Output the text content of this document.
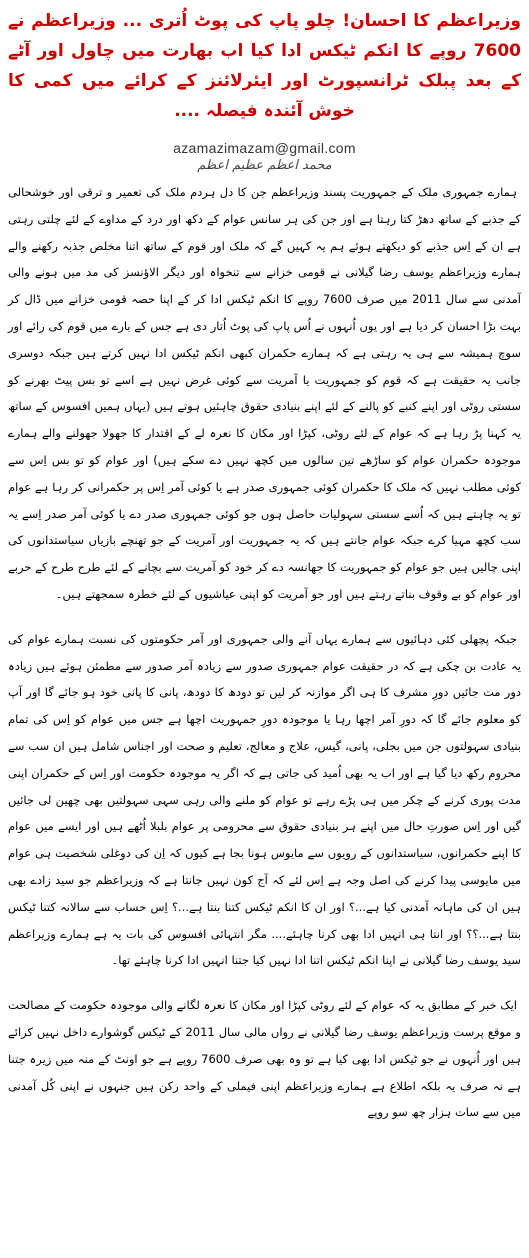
وزیراعظم کا احسان! چلو پاپ کی پوٹ اُتری ... وزیراعظم نے 7600 روپے کا انکم ٹیکس ادا کیا اب بھارت میں چاول اور آٹے کے بعد پبلک ٹرانسپورٹ اور ایئرلائنز کے کرائے میں کمی کا خوش آئندہ فیصلہ ....
azamazimazam@gmail.com
محمد اعظم عظیم اعظم

ہمارے جمہوری ملک کے جمہوریت پسند وزیراعظم جن کا دل ہردم ملک کی تعمیر و ترقی اور خوشحالی کے جذبے کے ساتھ دھڑ کتا رہتا ہے اور جن کی ہر سانس عوام کے دکھ اور درد کے مداوے کے لئے چلتی رہتی ہے ان کے اِس جذبے کو دیکھتے ہوئے ہم یہ کہیں گے کہ ملک اور قوم کے ساتھ اتنا مخلص جذبہ رکھنے والے ہمارے وزیراعظم یوسف رضا گیلانی نے قومی خزانے سے تنخواہ اور دیگر الاؤنسز کی مد میں ہونے والی آمدنی سے سال 2011 میں صرف 7600 روپے کا انکم ٹیکس ادا کر کے اپنا حصہ قومی خزانے میں ڈال کر بہت بڑا احسان کر دیا ہے اور یوں اُنہوں نے اُس پاپ کی پوٹ اُتار دی ہے جس کے بارے میں قوم کی رائے اور سوچ ہمیشہ سے ہی یہ رہتی ہے کہ ہمارے حکمران کبھی انکم ٹیکس ادا نہیں کرتے ہیں جبکہ دوسری جانب یہ حقیقت ہے کہ قوم کو جمہوریت یا آمریت سے کوئی غرض نہیں ہے اسے تو بس پیٹ بھرنے کو سستی روٹی اور اپنے کنبے کو پالنے کے لئے اپنے بنیادی حقوق چاہئیں ہوتے ہیں (یہاں ہمیں افسوس کے ساتھ یہ کہنا پڑ رہا ہے کہ عوام کے لئے روٹی، کپڑا اور مکان کا نعرہ لے کے اقتدار کا جھولا جھولنے والے ہمارے موجودہ حکمران عوام کو ساڑھے تین سالوں میں کچھ نہیں دے سکے ہیں) اور عوام کو تو بس اِس سے کوئی مطلب نہیں کہ ملک کا حکمران کوئی جمہوری صدر ہے یا کوئی آمر اِس پر حکمرانی کر رہا ہے عوام تو یہ چاہتے ہیں کہ اُسے سستی سہولیات حاصل ہوں جو کوئی جمہوری صدر دے یا کوئی آمر صدر اِسے یہ سب کچھ مہیا کرے جبکہ عوام جانتے ہیں کہ یہ جمہوریت اور آمریت کے جو تھنچے بازیاں سیاستدانوں کی اپنی چالیں ہیں جو عوام کو جمہوریت کا جھانسہ دے کر خود کو آمریت سے بچانے کے لئے طرح طرح کے حربے اور عوام کو بے وقوف بناتے رہتے ہیں اور جو آمریت کو اپنی عیاشیوں کے لئے خطرہ سمجھتے ہیں۔

جبکہ پچھلی کئی دہائیوں سے ہمارے یہاں آنے والی جمہوری اور آمر حکومتوں کی نسبت ہمارے عوام کی یہ عادت بن چکی ہے کہ در حقیقت عوام جمہوری صدور سے زیادہ آمر صدور سے مطمئن ہوئے ہیں زیادہ دور مت جائیں دورِ مشرف کا ہی اگر موازنہ کر لیں تو دودھ کا دودھ، پانی کا پانی خود ہو جائے گا اور آپ کو معلوم جائے گا کہ دورِ آمر اچھا رہا یا موجودہ دورِ جمہوریت اچھا ہے جس میں عوام کو اِس کی تمام بنیادی سہولتوں جن میں بجلی، پانی، گیس، علاج و معالج، تعلیم و صحت اور اجناس شامل ہیں ان سب سے محروم رکھ دیا گیا ہے اور اب یہ بھی اُمید کی جاتی ہے کہ اگر یہ موجودہ حکومت اور اِس کے حکمران اپنی مدت پوری کرنے کے چکر میں ہی پڑے رہے تو عوام کو ملنے والی رہی سہی سہولتیں بھی چھین لی جائیں گیں اور اِس صورتِ حال میں اپنے ہر بنیادی حقوق سے محرومی پر عوام بلبلا اُٹھے ہیں اور ایسے میں عوام کا اپنے حکمرانوں، سیاستدانوں کے رویوں سے مایوس ہونا بجا ہے کیوں کہ اِن کی دوغلی شخصیت ہی عوام میں مایوسی پیدا کرنے کی اصل وجہ ہے اِس لئے کہ آج کون نہیں جانتا ہے کہ وزیراعظم جو سید زادے بھی ہیں ان کی ماہانہ آمدنی کیا ہے...؟ اور ان کا انکم ٹیکس کتنا بنتا ہے...؟ اِس حساب سے سالانہ کتنا ٹیکس بنتا ہے...؟؟ اور انتا ہی انہیں ادا بھی کرنا چاہئے.... مگر انتہائی افسوس کی بات یہ ہے ہمارے وزیراعظم سید یوسف رضا گیلانی نے اپنا انکم ٹیکس اتنا ادا نہیں کیا جتنا انہیں ادا کرنا چاہئے تھا۔

ایک خبر کے مطابق یہ کہ عوام کے لئے روٹی کپڑا اور مکان کا نعرہ لگانے والی موجودہ حکومت کے مصالحت و موقع پرست وزیراعظم یوسف رضا گیلانی نے رواں مالی سال 2011 کے ٹیکس گوشوارے داخل نہیں کرائے ہیں اور اُنہوں نے جو ٹیکس ادا بھی کیا ہے تو وہ بھی صرف 7600 روپے ہے جو اونٹ کے منہ میں زیرہ جتنا ہے نہ صرف یہ بلکہ اطلاع ہے ہمارے وزیراعظم اپنی فیملی کے واحد رکن ہیں جنہوں نے اپنی کُل آمدنی میں سے سات ہزار چھ سو روپے
